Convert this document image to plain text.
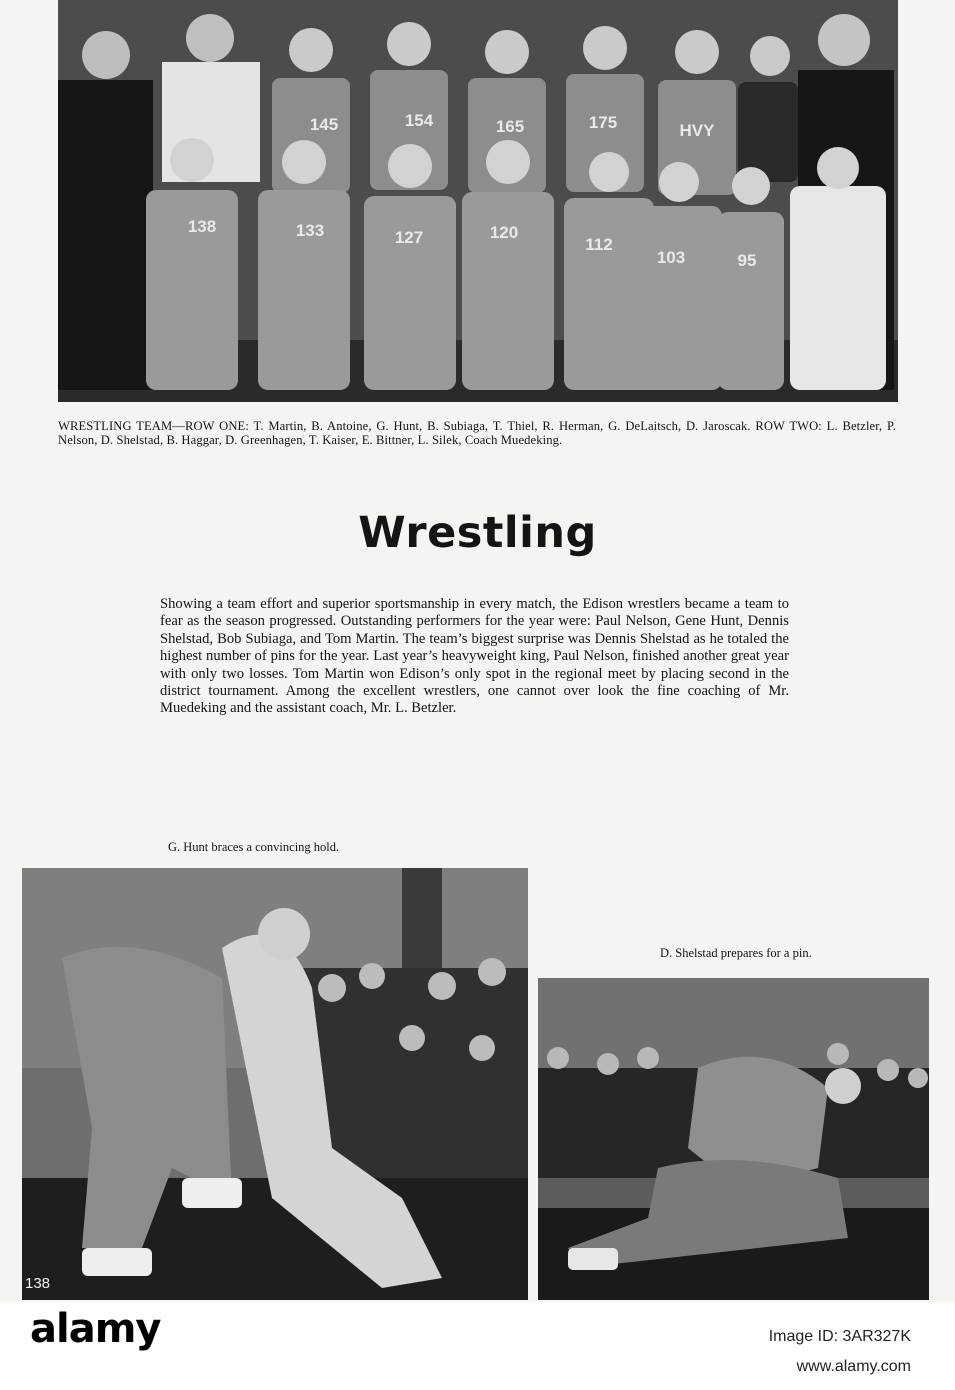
145	154	165	175	HVY
138	133	127	120
112
103	95
WRESTLING TEAM—ROW ONE: T. Martin, B. Antoine, G. Hunt, B. Subiaga, T. Thiel, R. Herman, G. DeLaitsch, D. Jaroscak. ROW TWO: L. Betzler, P. Nelson, D. Shelstad, B. Haggar, D. Greenhagen, T. Kaiser, E. Bittner, L. Silek, Coach Muedeking.
Wrestling
Showing a team effort and superior sportsmanship in every match, the Edison wrestlers became a team to fear as the season progressed. Outstanding performers for the year were: Paul Nelson, Gene Hunt, Dennis Shelstad, Bob Subiaga, and Tom Martin. The team’s biggest surprise was Dennis Shelstad as he totaled the highest number of pins for the year. Last year’s heavyweight king, Paul Nelson, finished another great year with only two losses. Tom Martin won Edison’s only spot in the regional meet by placing second in the district tournament. Among the excellent wrestlers, one cannot over look the fine coaching of Mr. Muedeking and the assistant coach, Mr. L. Betzler.
G. Hunt braces a convincing hold.
138
D. Shelstad prepares for a pin.
alamy	Image ID: 3AR327K
www.alamy.com
